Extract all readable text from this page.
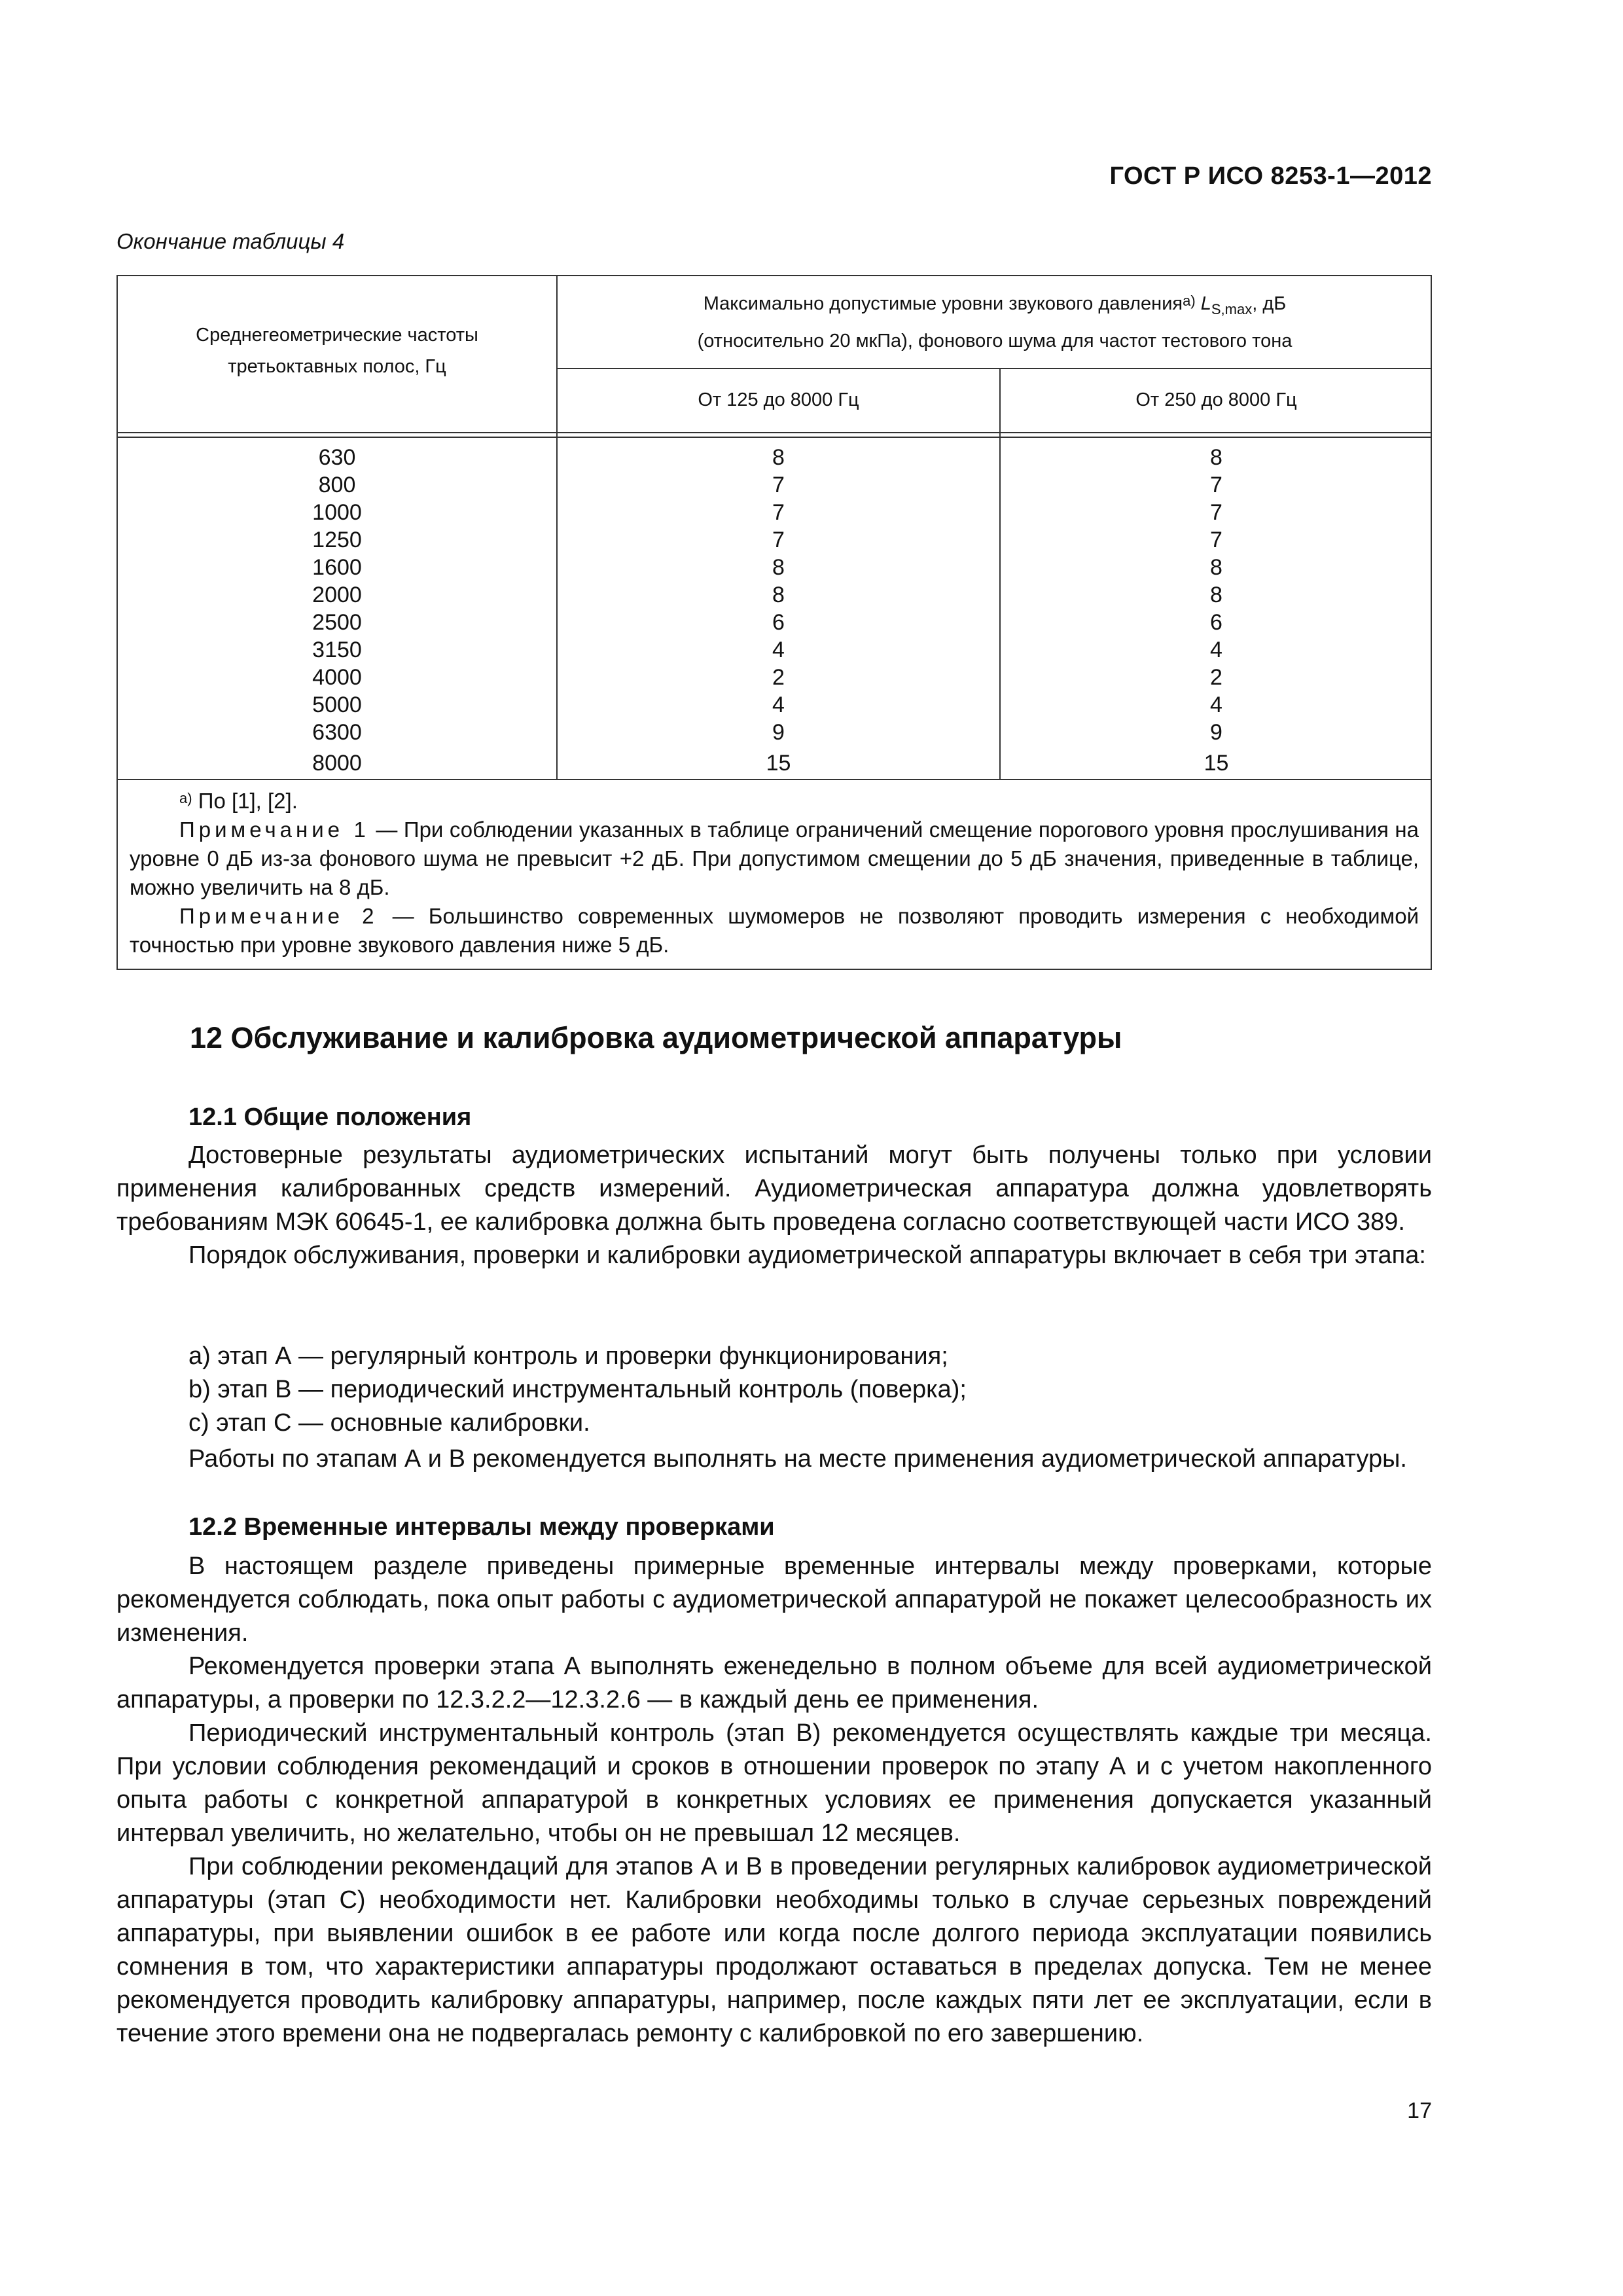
ГОСТ Р ИСО 8253-1—2012
Окончание таблицы 4
Среднегеометрические частоты
третьоктавных полос, Гц
Максимально допустимые уровни звукового давления$^{а)}$ $L_{S,max}$, дБ
(относительно 20 мкПа), фонового шума для частот тестового тона
От 125 до 8000 Гц	От 250 до 8000 Гц
630
800
1000
1250
1600
2000
2500
3150
4000
5000
6300
8000
8
7
7
7
8
8
6
4
2
4
9
15
8
7
7
7
8
8
6
4
2
4
9
15

$^{а)}$ По [1], [2].

Примечание 1 — При соблюдении указанных в таблице ограничений смещение порогового уровня прослушивания на уровне 0 дБ из-за фонового шума не превысит +2 дБ. При допустимом смещении до 5 дБ значения, приведенные в таблице, можно увеличить на 8 дБ.

Примечание 2 — Большинство современных шумомеров не позволяют проводить измерения с необходимой точностью при уровне звукового давления ниже 5 дБ.

12 Обслуживание и калибровка аудиометрической аппаратуры
12.1 Общие положения

Достоверные результаты аудиометрических испытаний могут быть получены только при условии применения калиброванных средств измерений. Аудиометрическая аппаратура должна удовлетворять требованиям МЭК 60645-1, ее калибровка должна быть проведена согласно соответствующей части ИСО 389.

Порядок обслуживания, проверки и калибровки аудиометрической аппаратуры включает в себя три этапа:

a) этап А — регулярный контроль и проверки функционирования;
b) этап В — периодический инструментальный контроль (поверка);
c) этап С — основные калибровки.

Работы по этапам А и В рекомендуется выполнять на месте применения аудиометрической аппаратуры.

12.2 Временные интервалы между проверками

В настоящем разделе приведены примерные временные интервалы между проверками, которые рекомендуется соблюдать, пока опыт работы с аудиометрической аппаратурой не покажет целесообразность их изменения.

Рекомендуется проверки этапа А выполнять еженедельно в полном объеме для всей аудиометрической аппаратуры, а проверки по 12.3.2.2—12.3.2.6 — в каждый день ее применения.

Периодический инструментальный контроль (этап В) рекомендуется осуществлять каждые три месяца. При условии соблюдения рекомендаций и сроков в отношении проверок по этапу А и с учетом накопленного опыта работы с конкретной аппаратурой в конкретных условиях ее применения допускается указанный интервал увеличить, но желательно, чтобы он не превышал 12 месяцев.

При соблюдении рекомендаций для этапов А и В в проведении регулярных калибровок аудиометрической аппаратуры (этап С) необходимости нет. Калибровки необходимы только в случае серьезных повреждений аппаратуры, при выявлении ошибок в ее работе или когда после долгого периода эксплуатации появились сомнения в том, что характеристики аппаратуры продолжают оставаться в пределах допуска. Тем не менее рекомендуется проводить калибровку аппаратуры, например, после каждых пяти лет ее эксплуатации, если в течение этого времени она не подвергалась ремонту с калибровкой по его завершению.

17
